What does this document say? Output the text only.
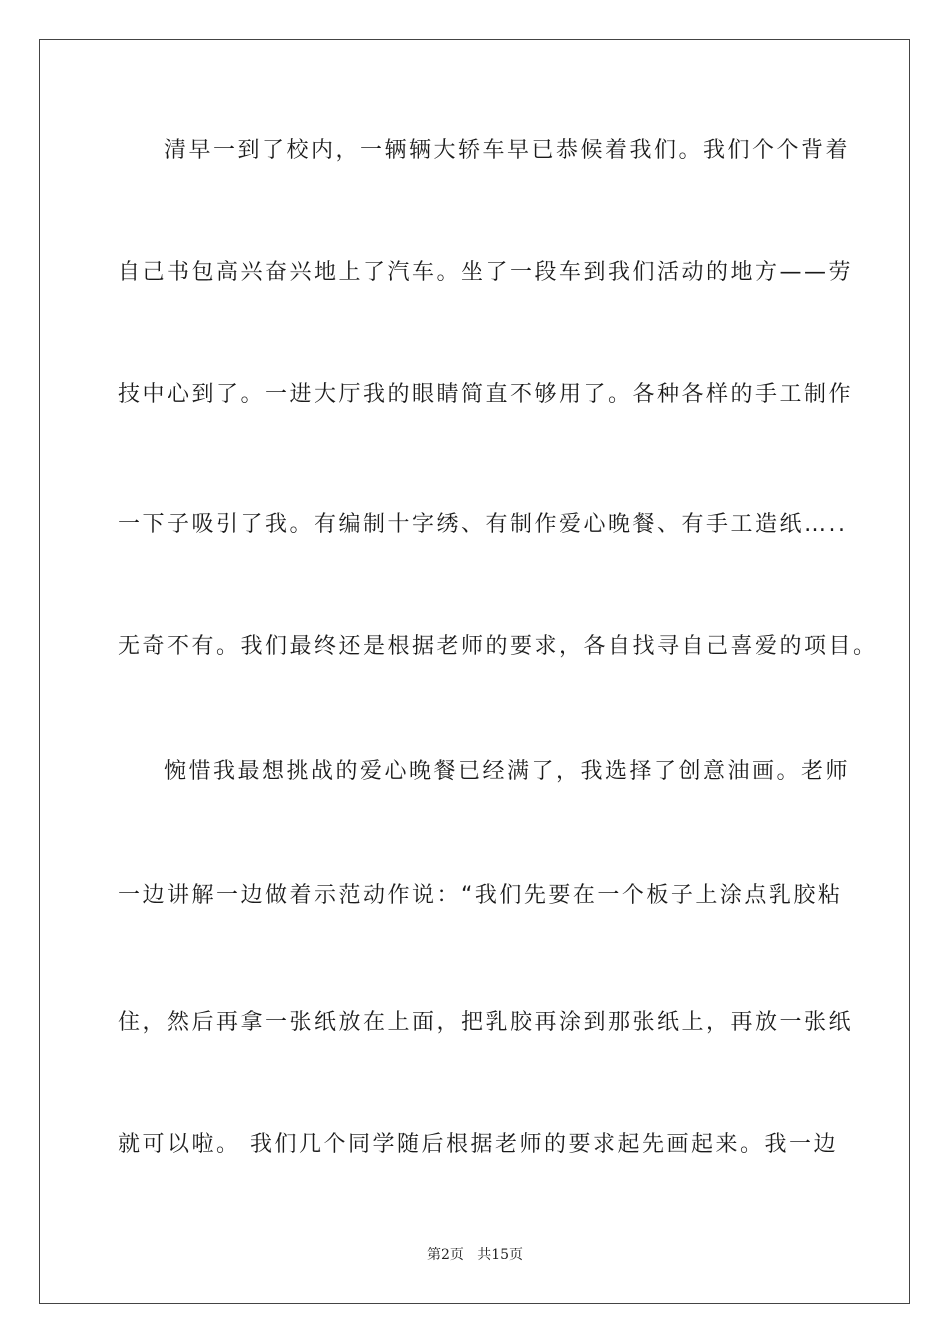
清早一到了校内，一辆辆大轿车早已恭候着我们。我们个个背着
自己书包高兴奋兴地上了汽车。坐了一段车到我们活动的地方——劳
技中心到了。一进大厅我的眼睛简直不够用了。各种各样的手工制作
一下子吸引了我。有编制十字绣、有制作爱心晚餐、有手工造纸…..
无奇不有。我们最终还是根据老师的要求，各自找寻自己喜爱的项目。
惋惜我最想挑战的爱心晚餐已经满了，我选择了创意油画。老师
一边讲解一边做着示范动作说：“我们先要在一个板子上涂点乳胶粘
住，然后再拿一张纸放在上面，把乳胶再涂到那张纸上，再放一张纸
就可以啦。 我们几个同学随后根据老师的要求起先画起来。我一边
第2页   共15页
